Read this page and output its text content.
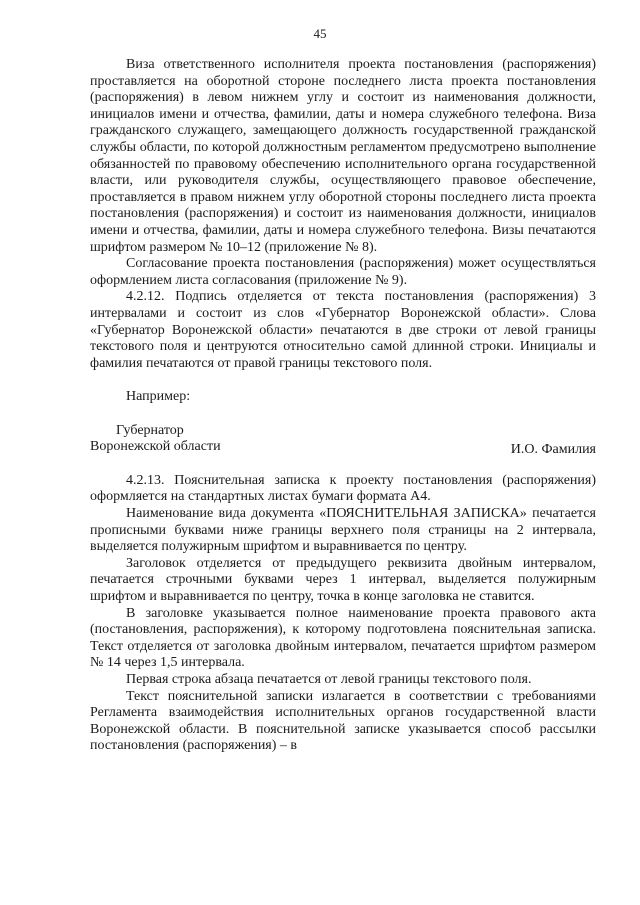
45

Виза ответственного исполнителя проекта постановления (распоряжения) проставляется на оборотной стороне последнего листа проекта постановления (распоряжения) в левом нижнем углу и состоит из наименования должности, инициалов имени и отчества, фамилии, даты и номера служебного телефона. Виза гражданского служащего, замещающего должность государственной гражданской службы области, по которой должностным регламентом предусмотрено выполнение обязанностей по правовому обеспечению исполнительного органа государственной власти, или руководителя службы, осуществляющего правовое обеспечение, проставляется в правом нижнем углу оборотной стороны последнего листа проекта постановления (распоряжения) и состоит из наименования должности, инициалов имени и отчества, фамилии, даты и номера служебного телефона. Визы печатаются шрифтом размером № 10–12 (приложение № 8).

Согласование проекта постановления (распоряжения) может осуществляться оформлением листа согласования (приложение № 9).

4.2.12. Подпись отделяется от текста постановления (распоряжения) 3 интервалами и состоит из слов «Губернатор Воронежской области». Слова «Губернатор Воронежской области» печатаются в две строки от левой границы текстового поля и центруются относительно самой длинной строки. Инициалы и фамилия печатаются от правой границы текстового поля.

Например:

Губернатор
Воронежской области	И.О. Фамилия

4.2.13. Пояснительная записка к проекту постановления (распоряжения) оформляется на стандартных листах бумаги формата А4.

Наименование вида документа «ПОЯСНИТЕЛЬНАЯ ЗАПИСКА» печатается прописными буквами ниже границы верхнего поля страницы на 2 интервала, выделяется полужирным шрифтом и выравнивается по центру.

Заголовок отделяется от предыдущего реквизита двойным интервалом, печатается строчными буквами через 1 интервал, выделяется полужирным шрифтом и выравнивается по центру, точка в конце заголовка не ставится.

В заголовке указывается полное наименование проекта правового акта (постановления, распоряжения), к которому подготовлена пояснительная записка. Текст отделяется от заголовка двойным интервалом, печатается шрифтом размером № 14 через 1,5 интервала.

Первая строка абзаца печатается от левой границы текстового поля.

Текст пояснительной записки излагается в соответствии с требованиями Регламента взаимодействия исполнительных органов государственной власти Воронежской области. В пояснительной записке указывается способ рассылки постановления (распоряжения) – в
